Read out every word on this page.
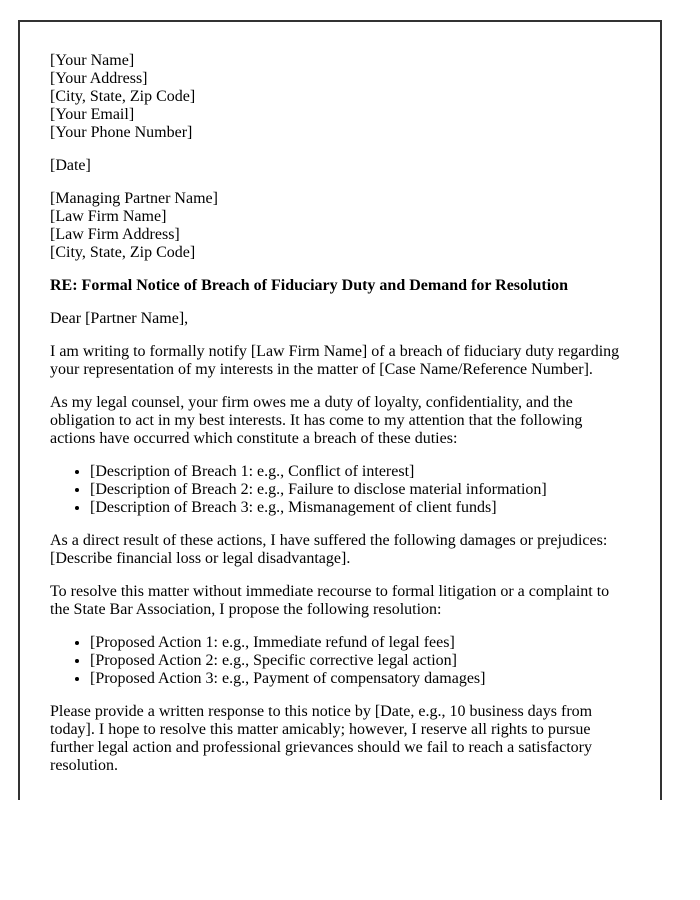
[Your Name]
[Your Address]
[City, State, Zip Code]
[Your Email]
[Your Phone Number]

[Date]

[Managing Partner Name]
[Law Firm Name]
[Law Firm Address]
[City, State, Zip Code]

RE: Formal Notice of Breach of Fiduciary Duty and Demand for Resolution

Dear [Partner Name],

I am writing to formally notify [Law Firm Name] of a breach of fiduciary duty regarding your representation of my interests in the matter of [Case Name/Reference Number].

As my legal counsel, your firm owes me a duty of loyalty, confidentiality, and the obligation to act in my best interests. It has come to my attention that the following actions have occurred which constitute a breach of these duties:

• [Description of Breach 1: e.g., Conflict of interest]
• [Description of Breach 2: e.g., Failure to disclose material information]
• [Description of Breach 3: e.g., Mismanagement of client funds]

As a direct result of these actions, I have suffered the following damages or prejudices: [Describe financial loss or legal disadvantage].

To resolve this matter without immediate recourse to formal litigation or a complaint to the State Bar Association, I propose the following resolution:

• [Proposed Action 1: e.g., Immediate refund of legal fees]
• [Proposed Action 2: e.g., Specific corrective legal action]
• [Proposed Action 3: e.g., Payment of compensatory damages]

Please provide a written response to this notice by [Date, e.g., 10 business days from today]. I hope to resolve this matter amicably; however, I reserve all rights to pursue further legal action and professional grievances should we fail to reach a satisfactory resolution.
